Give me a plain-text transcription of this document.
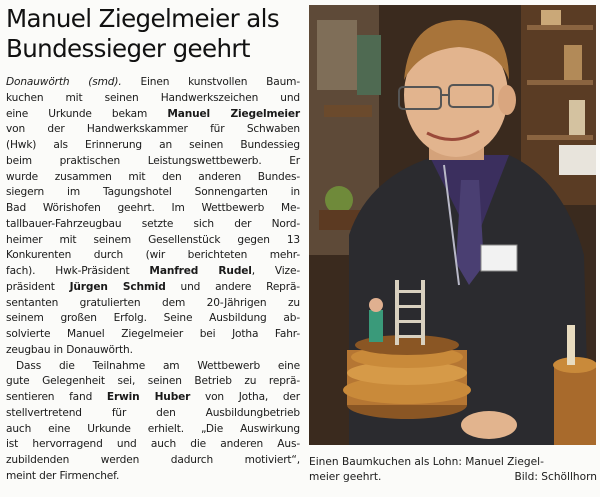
Manuel Ziegelmeier als
Bundessieger geehrt
Donauwörth (smd). Einen kunstvollen Baum-
kuchen mit seinen Handwerkszeichen und
eine Urkunde bekam Manuel Ziegelmeier
von der Handwerkskammer für Schwaben
(Hwk) als Erinnerung an seinen Bundessieg
beim praktischen Leistungswettbewerb. Er
wurde zusammen mit den anderen Bundes-
siegern im Tagungshotel Sonnengarten in
Bad Wörishofen geehrt. Im Wettbewerb Me-
tallbauer-Fahrzeugbau setzte sich der Nord-
heimer mit seinem Gesellenstück gegen 13
Konkurenten durch (wir berichteten mehr-
fach). Hwk-Präsident Manfred Rudel, Vize-
präsident Jürgen Schmid und andere Reprä-
sentanten gratulierten dem 20-Jährigen zu
seinem großen Erfolg. Seine Ausbildung ab-
solvierte Manuel Ziegelmeier bei Jotha Fahr-
zeugbau in Donauwörth.
Dass die Teilnahme am Wettbewerb eine
gute Gelegenheit sei, seinen Betrieb zu reprä-
sentieren fand Erwin Huber von Jotha, der
stellvertretend für den Ausbildungbetrieb
auch eine Urkunde erhielt. „Die Auswirkung
ist hervorragend und auch die anderen Aus-
zubildenden werden dadurch motiviert“,
meint der Firmenchef.
Einen Baumkuchen als Lohn: Manuel Ziegel-
meier geehrt.	Bild: Schöllhorn
